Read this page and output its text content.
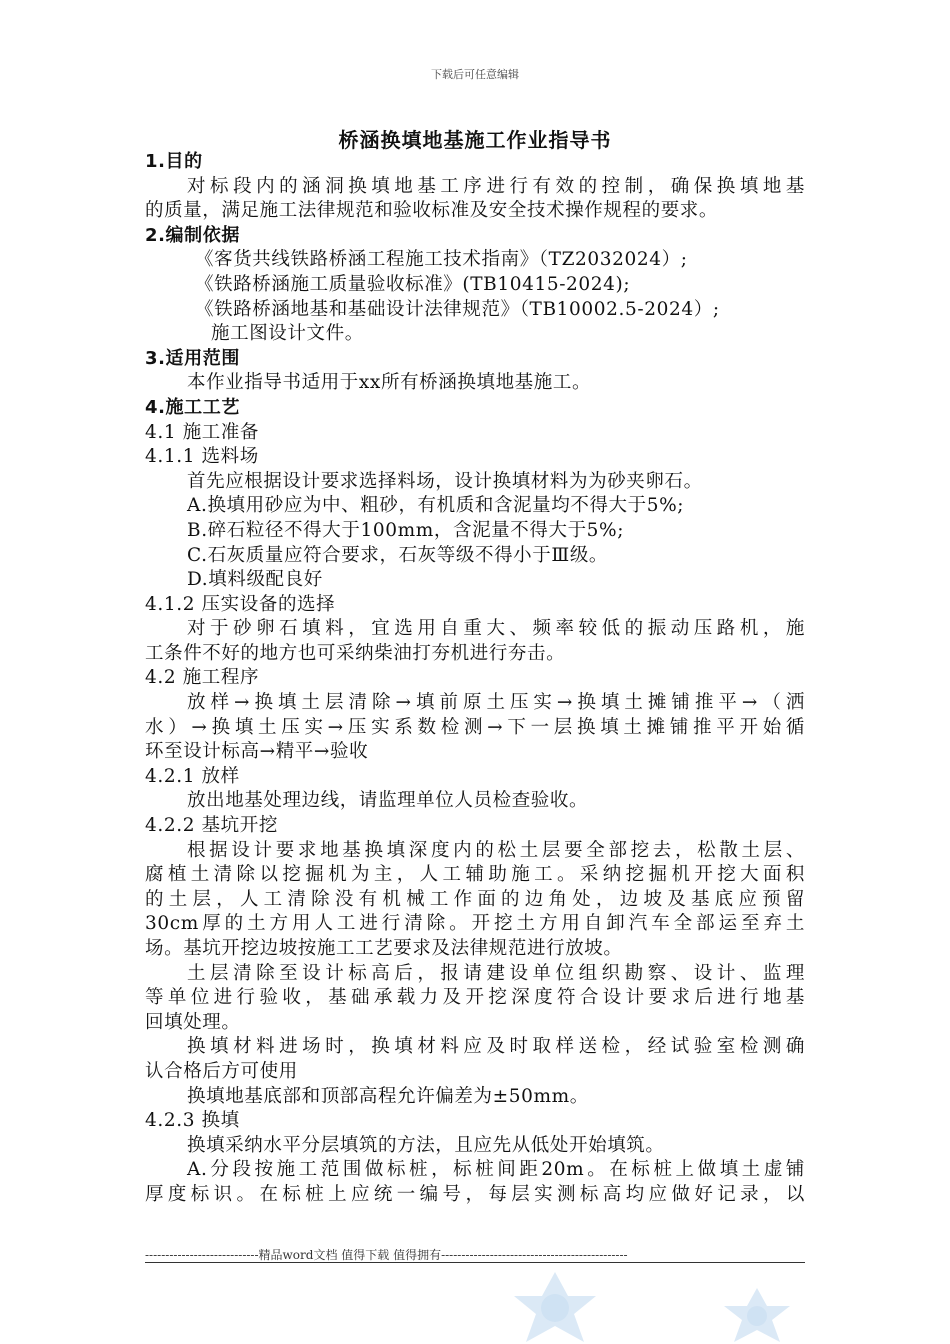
下载后可任意编辑
桥涵换填地基施工作业指导书
1.目的
对标段内的涵洞换填地基工序进行有效的控制，确保换填地基
的质量，满足施工法律规范和验收标准及安全技术操作规程的要求。
2.编制依据
《客货共线铁路桥涵工程施工技术指南》（TZ2032024）;
《铁路桥涵施工质量验收标准》(TB10415-2024);
《铁路桥涵地基和基础设计法律规范》（TB10002.5-2024）;
施工图设计文件。
3.适用范围
本作业指导书适用于xx所有桥涵换填地基施工。
4.施工工艺
4.1 施工准备
4.1.1 选料场
首先应根据设计要求选择料场，设计换填材料为为砂夹卵石。
A.换填用砂应为中、粗砂，有机质和含泥量均不得大于5%;
B.碎石粒径不得大于100mm，含泥量不得大于5%;
C.石灰质量应符合要求，石灰等级不得小于Ⅲ级。
D.填料级配良好
4.1.2 压实设备的选择
对于砂卵石填料，宜选用自重大、频率较低的振动压路机，施
工条件不好的地方也可采纳柴油打夯机进行夯击。
4.2 施工程序
放样→换填土层清除→填前原土压实→换填土摊铺推平→（洒
水）→换填土压实→压实系数检测→下一层换填土摊铺推平开始循
环至设计标高→精平→验收
4.2.1 放样
放出地基处理边线，请监理单位人员检查验收。
4.2.2 基坑开挖
根据设计要求地基换填深度内的松土层要全部挖去，松散土层、
腐植土清除以挖掘机为主，人工辅助施工。采纳挖掘机开挖大面积
的土层，人工清除没有机械工作面的边角处，边坡及基底应预留
30cm厚的土方用人工进行清除。开挖土方用自卸汽车全部运至弃土
场。基坑开挖边坡按施工工艺要求及法律规范进行放坡。
土层清除至设计标高后，报请建设单位组织勘察、设计、监理
等单位进行验收，基础承载力及开挖深度符合设计要求后进行地基
回填处理。
换填材料进场时，换填材料应及时取样送检，经试验室检测确
认合格后方可使用
换填地基底部和顶部高程允许偏差为±50mm。
4.2.3 换填
换填采纳水平分层填筑的方法，且应先从低处开始填筑。
A.分段按施工范围做标桩，标桩间距20m。在标桩上做填土虚铺
厚度标识。在标桩上应统一编号，每层实测标高均应做好记录，以
----------------------------精品word文档 值得下载 值得拥有----------------------------------------------
